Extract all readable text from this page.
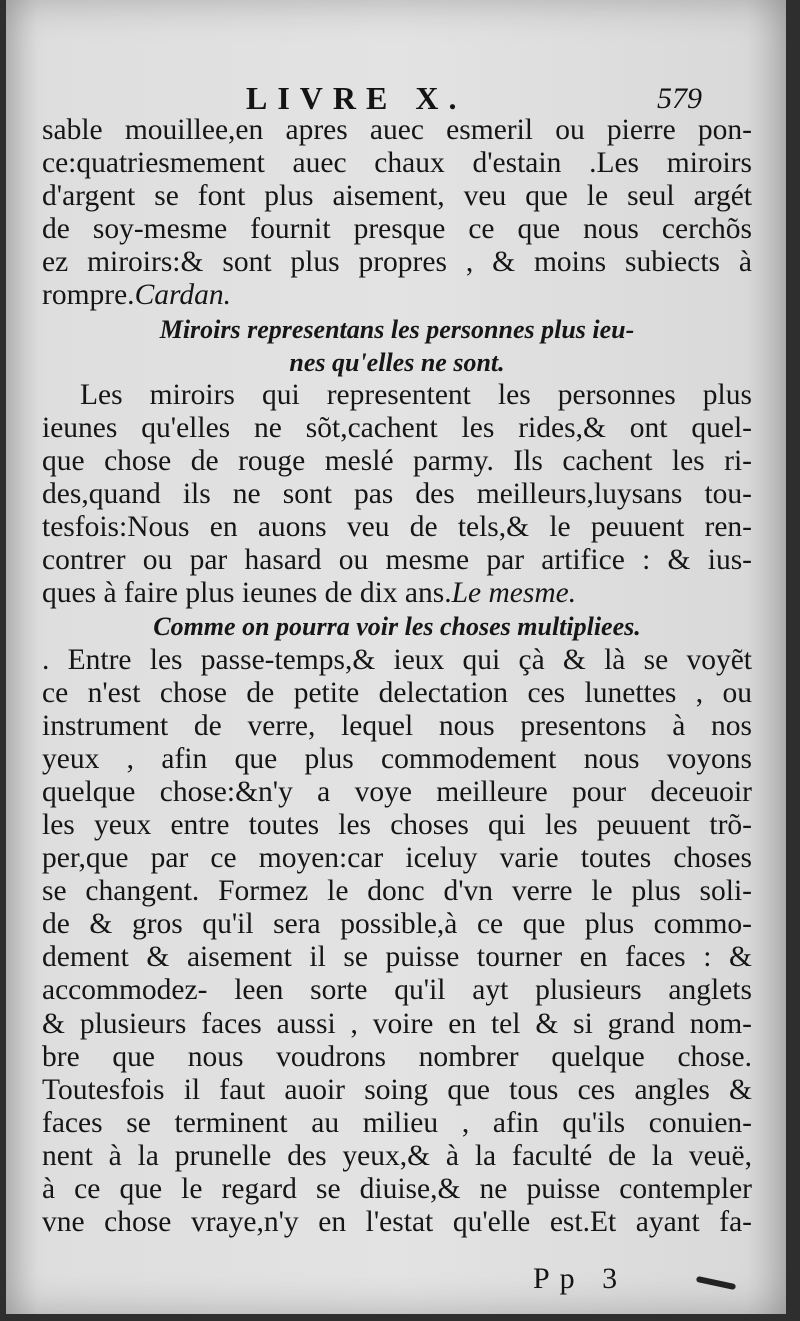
LIVRE X.	579
sable mouillee,en apres auec esmeril ou pierre pon-
ce:quatriesmement auec chaux d'estain .Les miroirs
d'argent se font plus aisement, veu que le seul argét
de soy-mesme fournit presque ce que nous cerchõs
ez miroirs:& sont plus propres , & moins subiects à
rompre.Cardan.
Miroirs representans les personnes plus ieu-
nes qu'elles ne sont.
Les miroirs qui representent les personnes plus
ieunes qu'elles ne sõt,cachent les rides,& ont quel-
que chose de rouge meslé parmy. Ils cachent les ri-
des,quand ils ne sont pas des meilleurs,luysans tou-
tesfois:Nous en auons veu de tels,& le peuuent ren-
contrer ou par hasard ou mesme par artifice : & ius-
ques à faire plus ieunes de dix ans.Le mesme.
Comme on pourra voir les choses multipliees.
. Entre les passe-temps,& ieux qui çà & là se voyẽt
ce n'est chose de petite delectation ces lunettes , ou
instrument de verre, lequel nous presentons à nos
yeux , afin que plus commodement nous voyons
quelque chose:&n'y a voye meilleure pour deceuoir
les yeux entre toutes les choses qui les peuuent trõ-
per,que par ce moyen:car iceluy varie toutes choses
se changent. Formez le donc d'vn verre le plus soli-
de & gros qu'il sera possible,à ce que plus commo-
dement & aisement il se puisse tourner en faces : &
accommodez- leen sorte qu'il ayt plusieurs anglets
& plusieurs faces aussi , voire en tel & si grand nom-
bre que nous voudrons nombrer quelque chose.
Toutesfois il faut auoir soing que tous ces angles &
faces se terminent au milieu , afin qu'ils conuien-
nent à la prunelle des yeux,& à la faculté de la veuë,
à ce que le regard se diuise,& ne puisse contempler
vne chose vraye,n'y en l'estat qu'elle est.Et ayant fa-
Pp 3
